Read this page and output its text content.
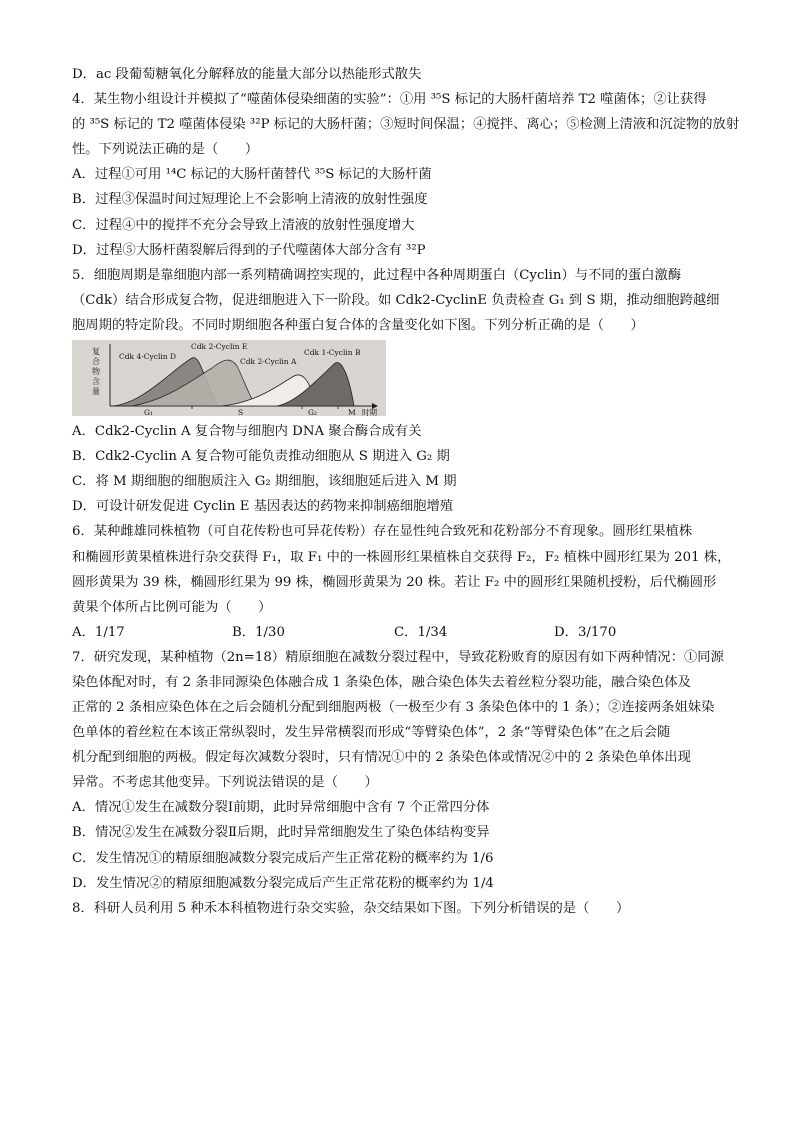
D．ac 段葡萄糖氧化分解释放的能量大部分以热能形式散失
4．某生物小组设计并模拟了“噬菌体侵染细菌的实验”：①用 ³⁵S 标记的大肠杆菌培养 T2 噬菌体；②让获得
的 ³⁵S 标记的 T2 噬菌体侵染 ³²P 标记的大肠杆菌；③短时间保温；④搅拌、离心；⑤检测上清液和沉淀物的放射
性。下列说法正确的是（　　）
A．过程①可用 ¹⁴C 标记的大肠杆菌替代 ³⁵S 标记的大肠杆菌
B．过程③保温时间过短理论上不会影响上清液的放射性强度
C．过程④中的搅拌不充分会导致上清液的放射性强度增大
D．过程⑤大肠杆菌裂解后得到的子代噬菌体大部分含有 ³²P
5．细胞周期是靠细胞内部一系列精确调控实现的，此过程中各种周期蛋白（Cyclin）与不同的蛋白激酶
（Cdk）结合形成复合物，促进细胞进入下一阶段。如 Cdk2-CyclinE 负责检查 G₁ 到 S 期，推动细胞跨越细
胞周期的特定阶段。不同时期细胞各种蛋白复合体的含量变化如下图。下列分析正确的是（　　）
复
合
物
含
量
Cdk 4-Cyclin D
Cdk 2-Cyclin E
Cdk 2-Cyclin A
Cdk 1-Cyclin B
G₁	S	G₂	M 时期
A．Cdk2-Cyclin A 复合物与细胞内 DNA 聚合酶合成有关
B．Cdk2-Cyclin A 复合物可能负责推动细胞从 S 期进入 G₂ 期
C．将 M 期细胞的细胞质注入 G₂ 期细胞，该细胞延后进入 M 期
D．可设计研发促进 Cyclin E 基因表达的药物来抑制癌细胞增殖
6．某种雌雄同株植物（可自花传粉也可异花传粉）存在显性纯合致死和花粉部分不育现象。圆形红果植株
和椭圆形黄果植株进行杂交获得 F₁，取 F₁ 中的一株圆形红果植株自交获得 F₂，F₂ 植株中圆形红果为 201 株，
圆形黄果为 39 株，椭圆形红果为 99 株，椭圆形黄果为 20 株。若让 F₂ 中的圆形红果随机授粉，后代椭圆形
黄果个体所占比例可能为（　　）
A．1/17	B．1/30	C．1/34	D．3/170
7．研究发现，某种植物（2n=18）精原细胞在减数分裂过程中，导致花粉败育的原因有如下两种情况：①同源
染色体配对时，有 2 条非同源染色体融合成 1 条染色体，融合染色体失去着丝粒分裂功能，融合染色体及
正常的 2 条相应染色体在之后会随机分配到细胞两极（一极至少有 3 条染色体中的 1 条）；②连接两条姐妹染
色单体的着丝粒在本该正常纵裂时，发生异常横裂而形成“等臂染色体”，2 条“等臂染色体”在之后会随
机分配到细胞的两极。假定每次减数分裂时，只有情况①中的 2 条染色体或情况②中的 2 条染色单体出现
异常。不考虑其他变异。下列说法错误的是（　　）
A．情况①发生在减数分裂Ⅰ前期，此时异常细胞中含有 7 个正常四分体
B．情况②发生在减数分裂Ⅱ后期，此时异常细胞发生了染色体结构变异
C．发生情况①的精原细胞减数分裂完成后产生正常花粉的概率约为 1/6
D．发生情况②的精原细胞减数分裂完成后产生正常花粉的概率约为 1/4
8．科研人员利用 5 种禾本科植物进行杂交实验，杂交结果如下图。下列分析错误的是（　　）
